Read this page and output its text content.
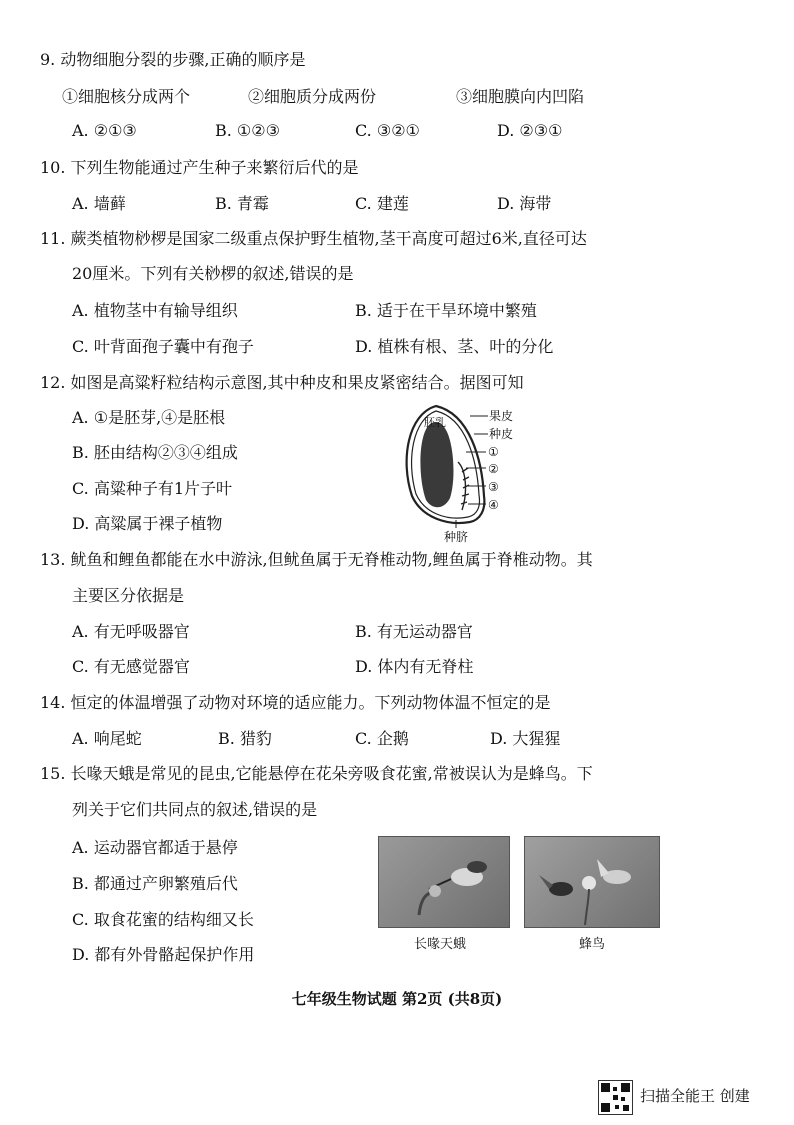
9. 动物细胞分裂的步骤,正确的顺序是
①细胞核分成两个	②细胞质分成两份	③细胞膜向内凹陷
A. ②①③	B. ①②③	C. ③②①	D. ②③①
10. 下列生物能通过产生种子来繁衍后代的是
A. 墙藓	B. 青霉	C. 建莲	D. 海带
11. 蕨类植物桫椤是国家二级重点保护野生植物,茎干高度可超过6米,直径可达
20厘米。下列有关桫椤的叙述,错误的是
A. 植物茎中有输导组织	B. 适于在干旱环境中繁殖
C. 叶背面孢子囊中有孢子	D. 植株有根、茎、叶的分化
12. 如图是高粱籽粒结构示意图,其中种皮和果皮紧密结合。据图可知
A. ①是胚芽,④是胚根
B. 胚由结构②③④组成
C. 高粱种子有1片子叶
D. 高粱属于裸子植物
胚乳	果皮
种皮
①
②
③
④
种脐
13. 鱿鱼和鲤鱼都能在水中游泳,但鱿鱼属于无脊椎动物,鲤鱼属于脊椎动物。其
主要区分依据是
A. 有无呼吸器官	B. 有无运动器官
C. 有无感觉器官	D. 体内有无脊柱
14. 恒定的体温增强了动物对环境的适应能力。下列动物体温不恒定的是
A. 响尾蛇	B. 猎豹	C. 企鹅	D. 大猩猩
15. 长喙天蛾是常见的昆虫,它能悬停在花朵旁吸食花蜜,常被误认为是蜂鸟。下
列关于它们共同点的叙述,错误的是
A. 运动器官都适于悬停
B. 都通过产卵繁殖后代
C. 取食花蜜的结构细又长
D. 都有外骨骼起保护作用
长喙天蛾	蜂鸟
七年级生物试题 第2页 (共8页)
扫描全能王 创建
